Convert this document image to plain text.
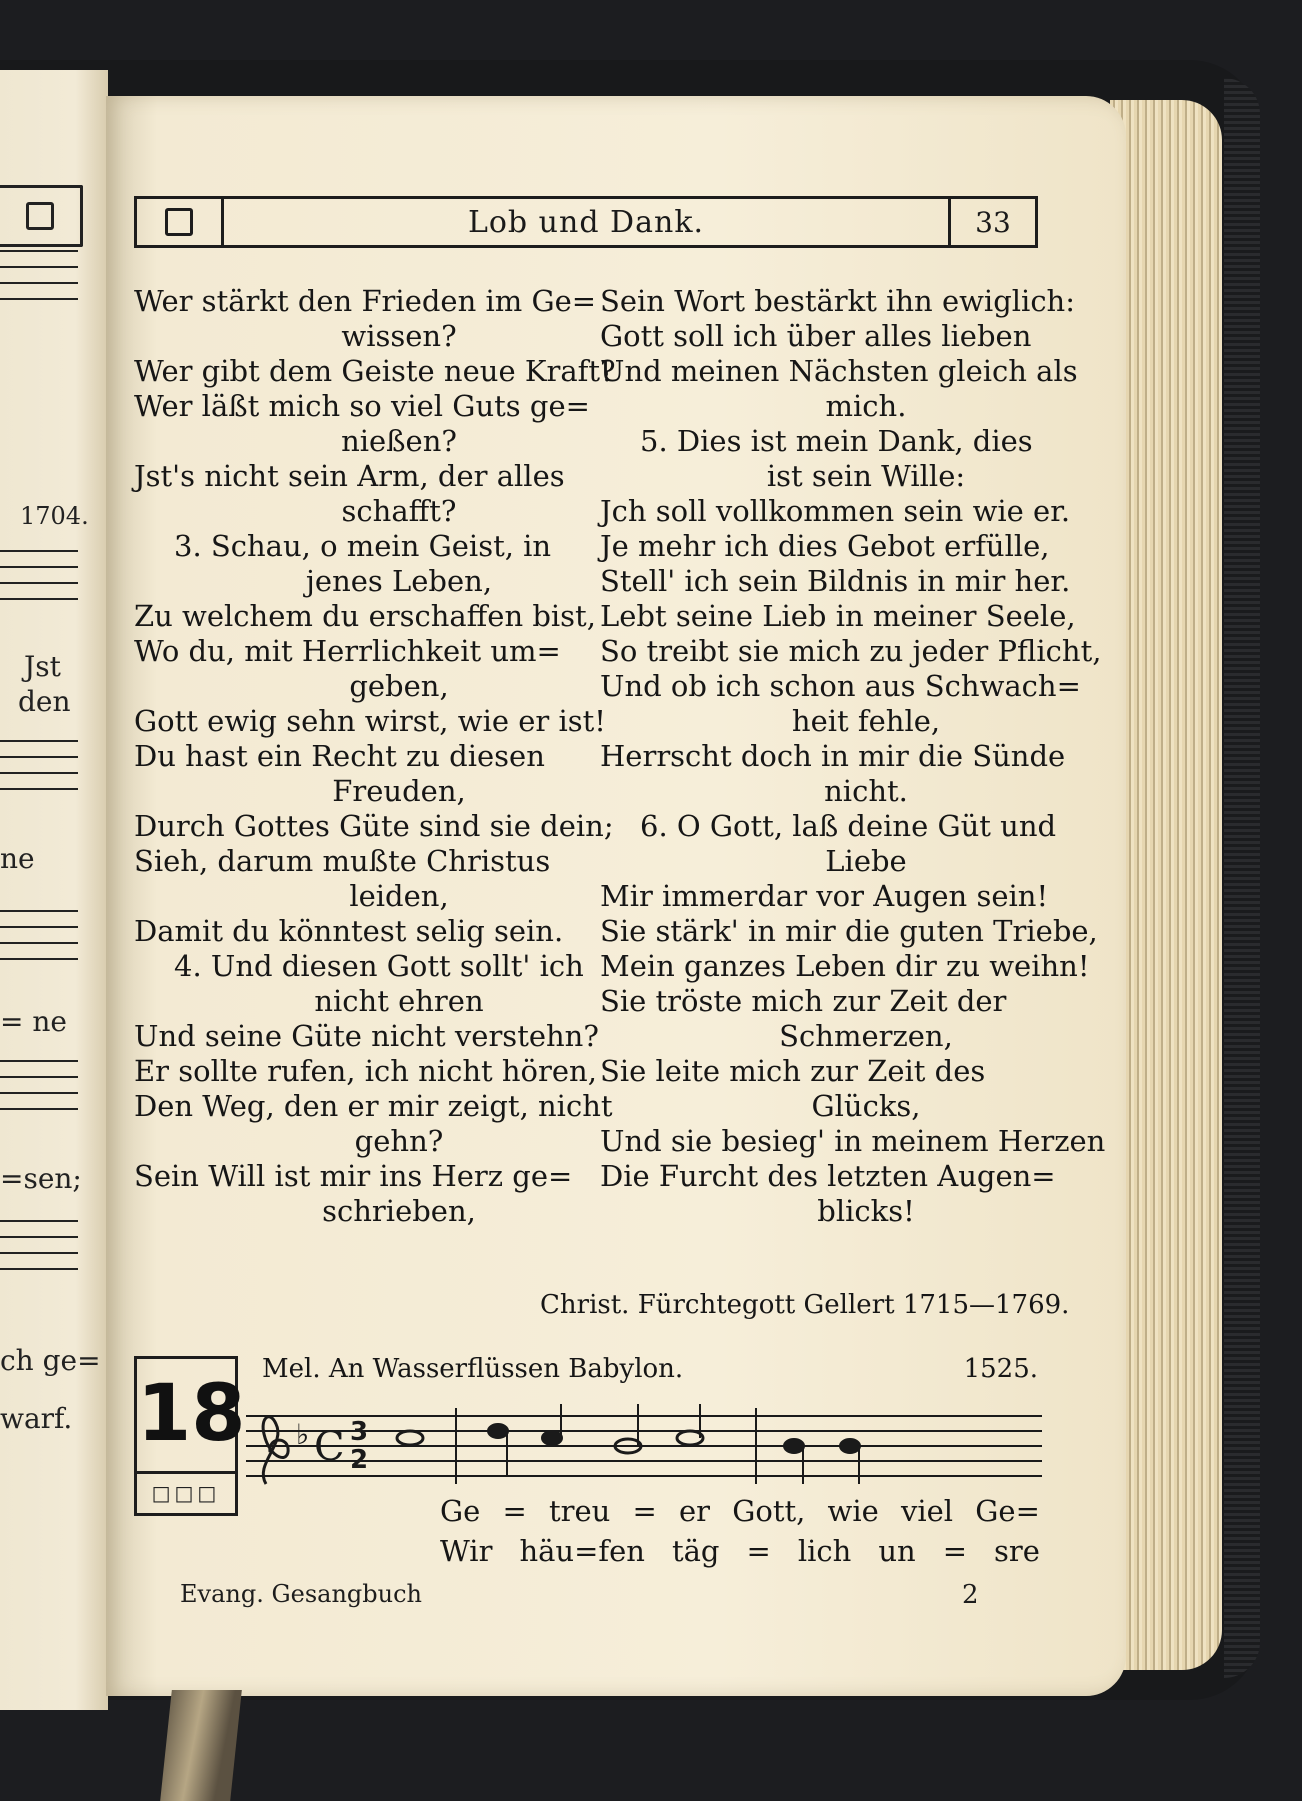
1704.
Jst
den
ne
= ne
=sen;
ch ge=
warf.
Lob und Dank.	33
Wer stärkt den Frieden im Ge=
wissen?
Wer gibt dem Geiste neue Kraft?
Wer läßt mich so viel Guts ge=
nießen?
Jst's nicht sein Arm, der alles
schafft?
3. Schau, o mein Geist, in
jenes Leben,
Zu welchem du erschaffen bist,
Wo du, mit Herrlichkeit um=
geben,
Gott ewig sehn wirst, wie er ist!
Du hast ein Recht zu diesen
Freuden,
Durch Gottes Güte sind sie dein;
Sieh, darum mußte Christus
leiden,
Damit du könntest selig sein.
4. Und diesen Gott sollt' ich
nicht ehren
Und seine Güte nicht verstehn?
Er sollte rufen, ich nicht hören,
Den Weg, den er mir zeigt, nicht
gehn?
Sein Will ist mir ins Herz ge=
schrieben,
Sein Wort bestärkt ihn ewiglich:
Gott soll ich über alles lieben
Und meinen Nächsten gleich als
mich.
5. Dies ist mein Dank, dies
ist sein Wille:
Jch soll vollkommen sein wie er.
Je mehr ich dies Gebot erfülle,
Stell' ich sein Bildnis in mir her.
Lebt seine Lieb in meiner Seele,
So treibt sie mich zu jeder Pflicht,
Und ob ich schon aus Schwach=
heit fehle,
Herrscht doch in mir die Sünde
nicht.
6. O Gott, laß deine Güt und
Liebe
Mir immerdar vor Augen sein!
Sie stärk' in mir die guten Triebe,
Mein ganzes Leben dir zu weihn!
Sie tröste mich zur Zeit der
Schmerzen,
Sie leite mich zur Zeit des
Glücks,
Und sie besieg' in meinem Herzen
Die Furcht des letzten Augen=
blicks!
Christ. Fürchtegott Gellert 1715—1769.
18
□□□
Mel. An Wasserflüssen Babylon.	1525.
♭ C 3
2
Ge = treu = er Gott, wie viel Ge=
Wir häu=fen täg = lich un = sre
Evang. Gesangbuch	2
